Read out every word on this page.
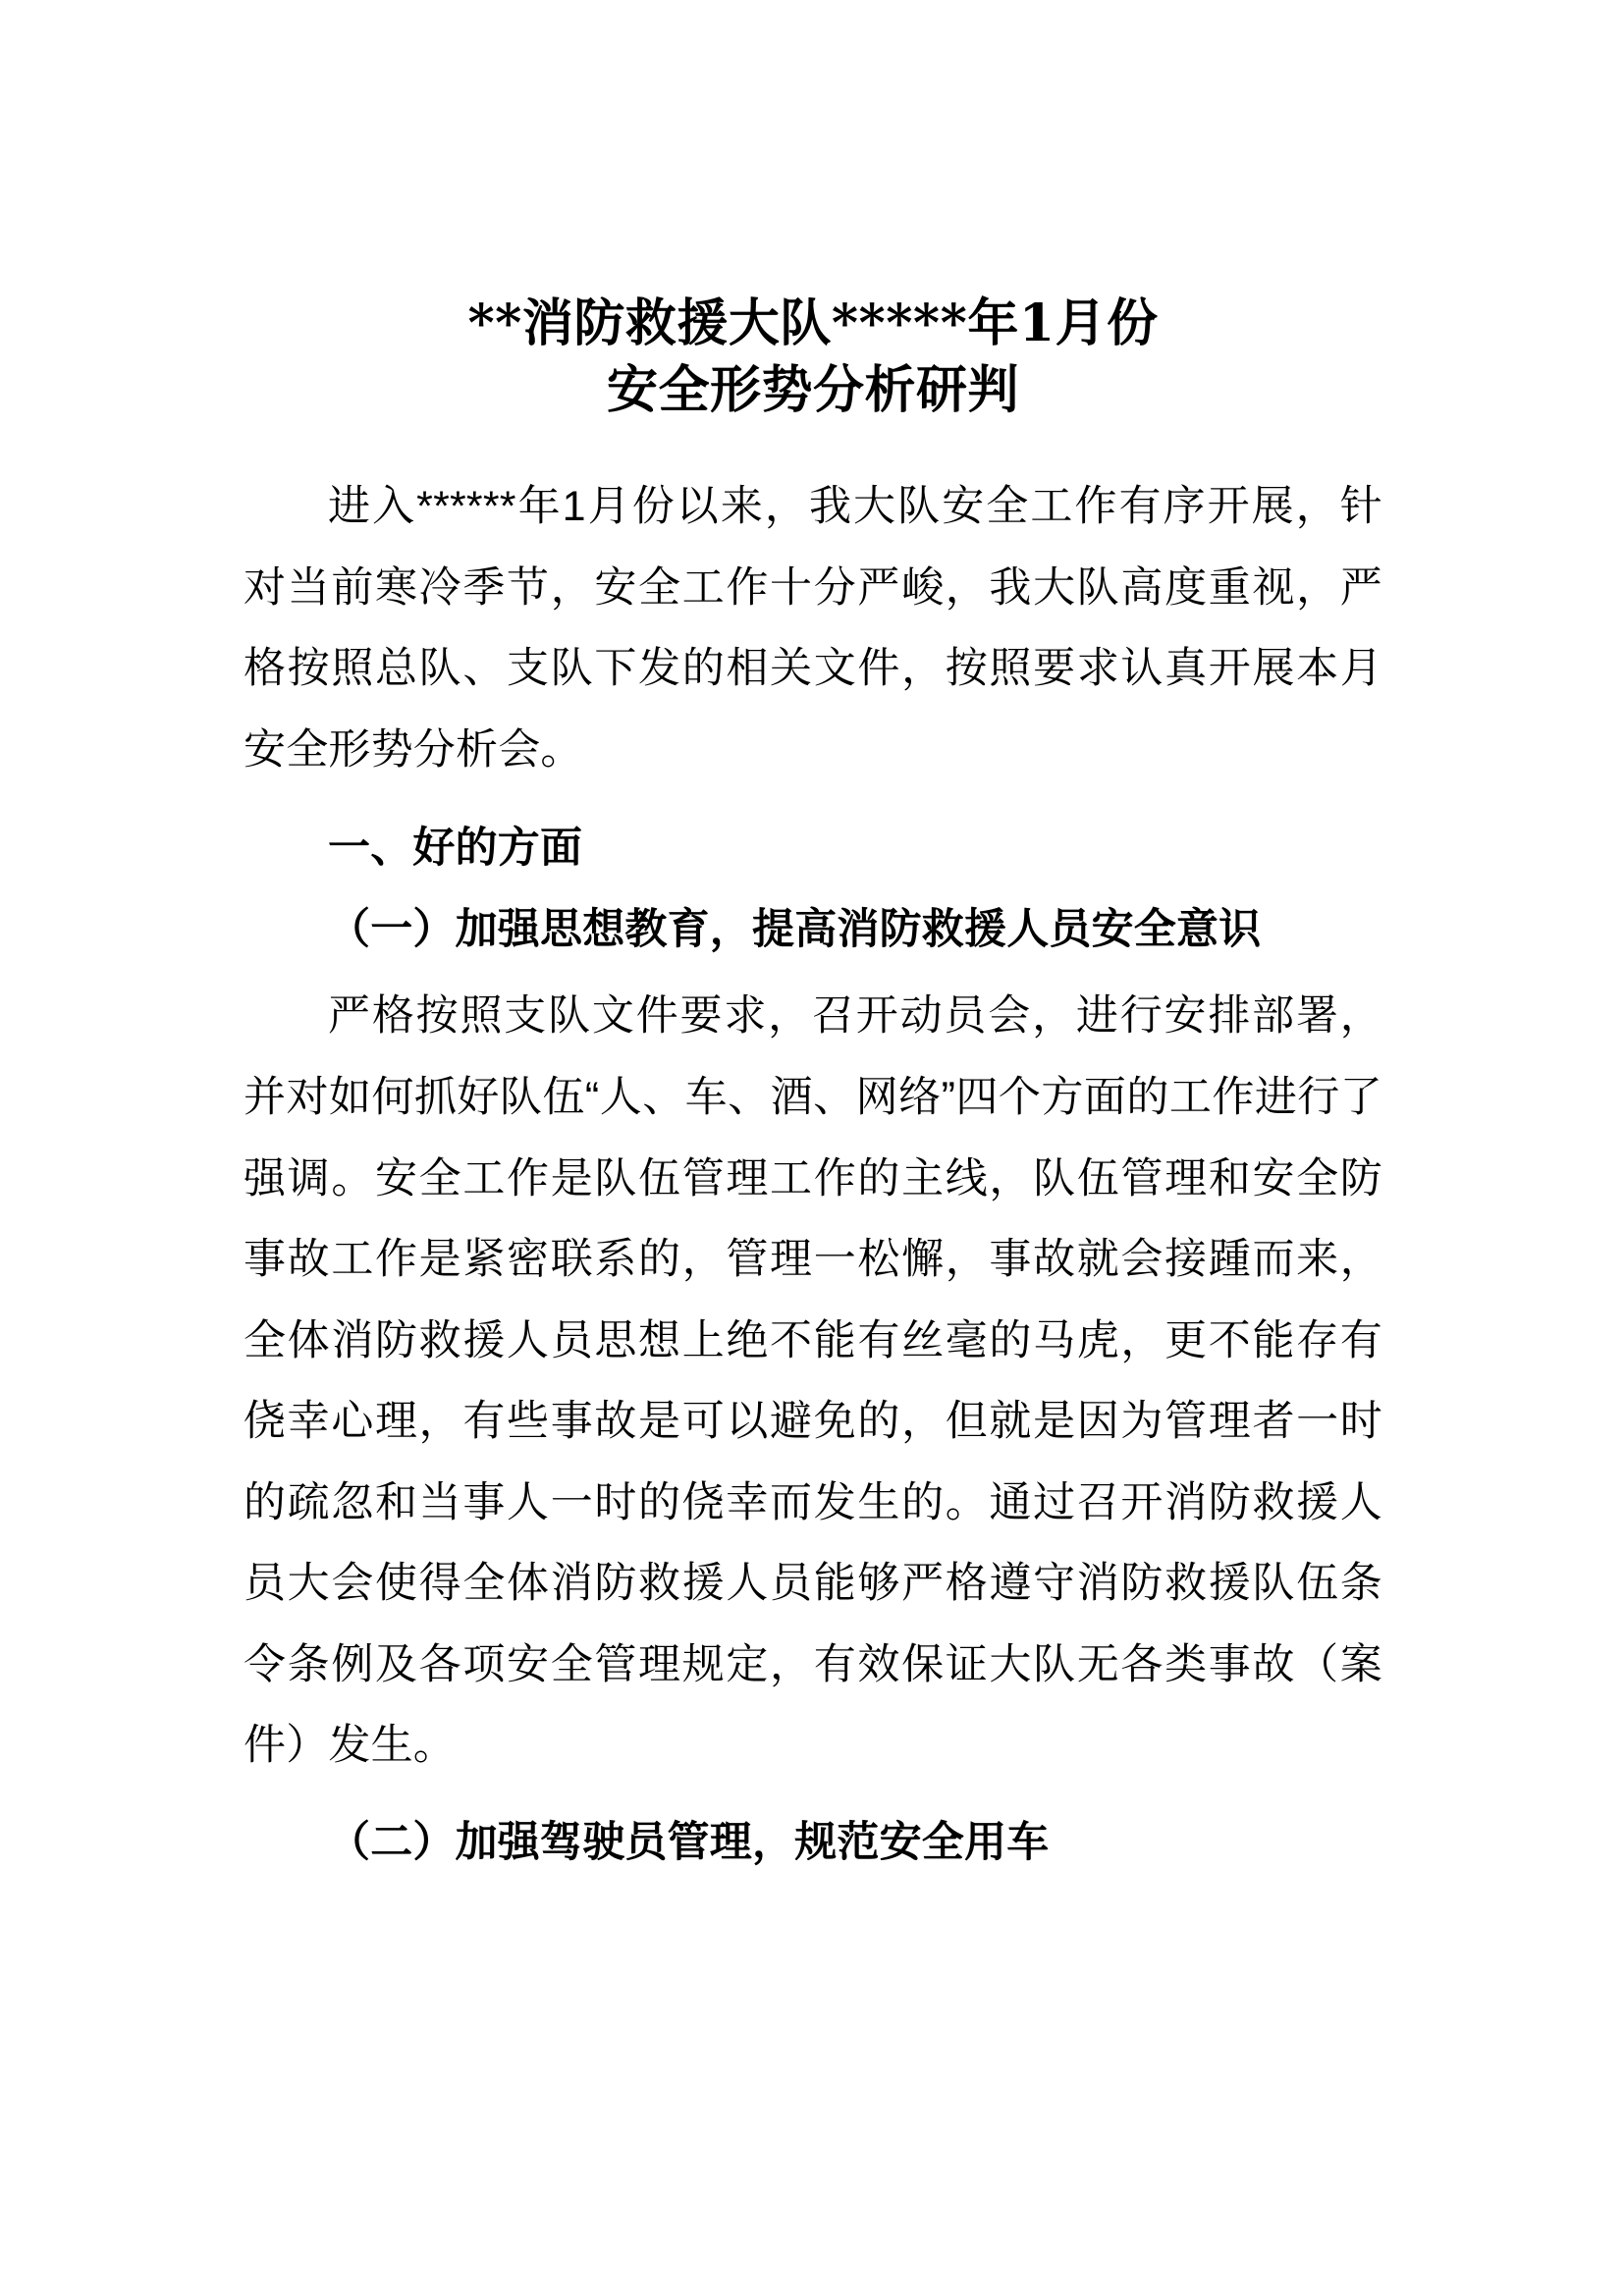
**消防救援大队*****年1月份
安全形势分析研判

进入******年1月份以来，我大队安全工作有序开展，针对当前寒冷季节，安全工作十分严峻，我大队高度重视，严格按照总队、支队下发的相关文件，按照要求认真开展本月安全形势分析会。

一、好的方面

（一）加强思想教育，提高消防救援人员安全意识

严格按照支队文件要求，召开动员会，进行安排部署，并对如何抓好队伍“人、车、酒、网络”四个方面的工作进行了强调。安全工作是队伍管理工作的主线，队伍管理和安全防事故工作是紧密联系的，管理一松懈，事故就会接踵而来，全体消防救援人员思想上绝不能有丝毫的马虎，更不能存有侥幸心理，有些事故是可以避免的，但就是因为管理者一时的疏忽和当事人一时的侥幸而发生的。通过召开消防救援人员大会使得全体消防救援人员能够严格遵守消防救援队伍条令条例及各项安全管理规定，有效保证大队无各类事故（案件）发生。

（二）加强驾驶员管理，规范安全用车
